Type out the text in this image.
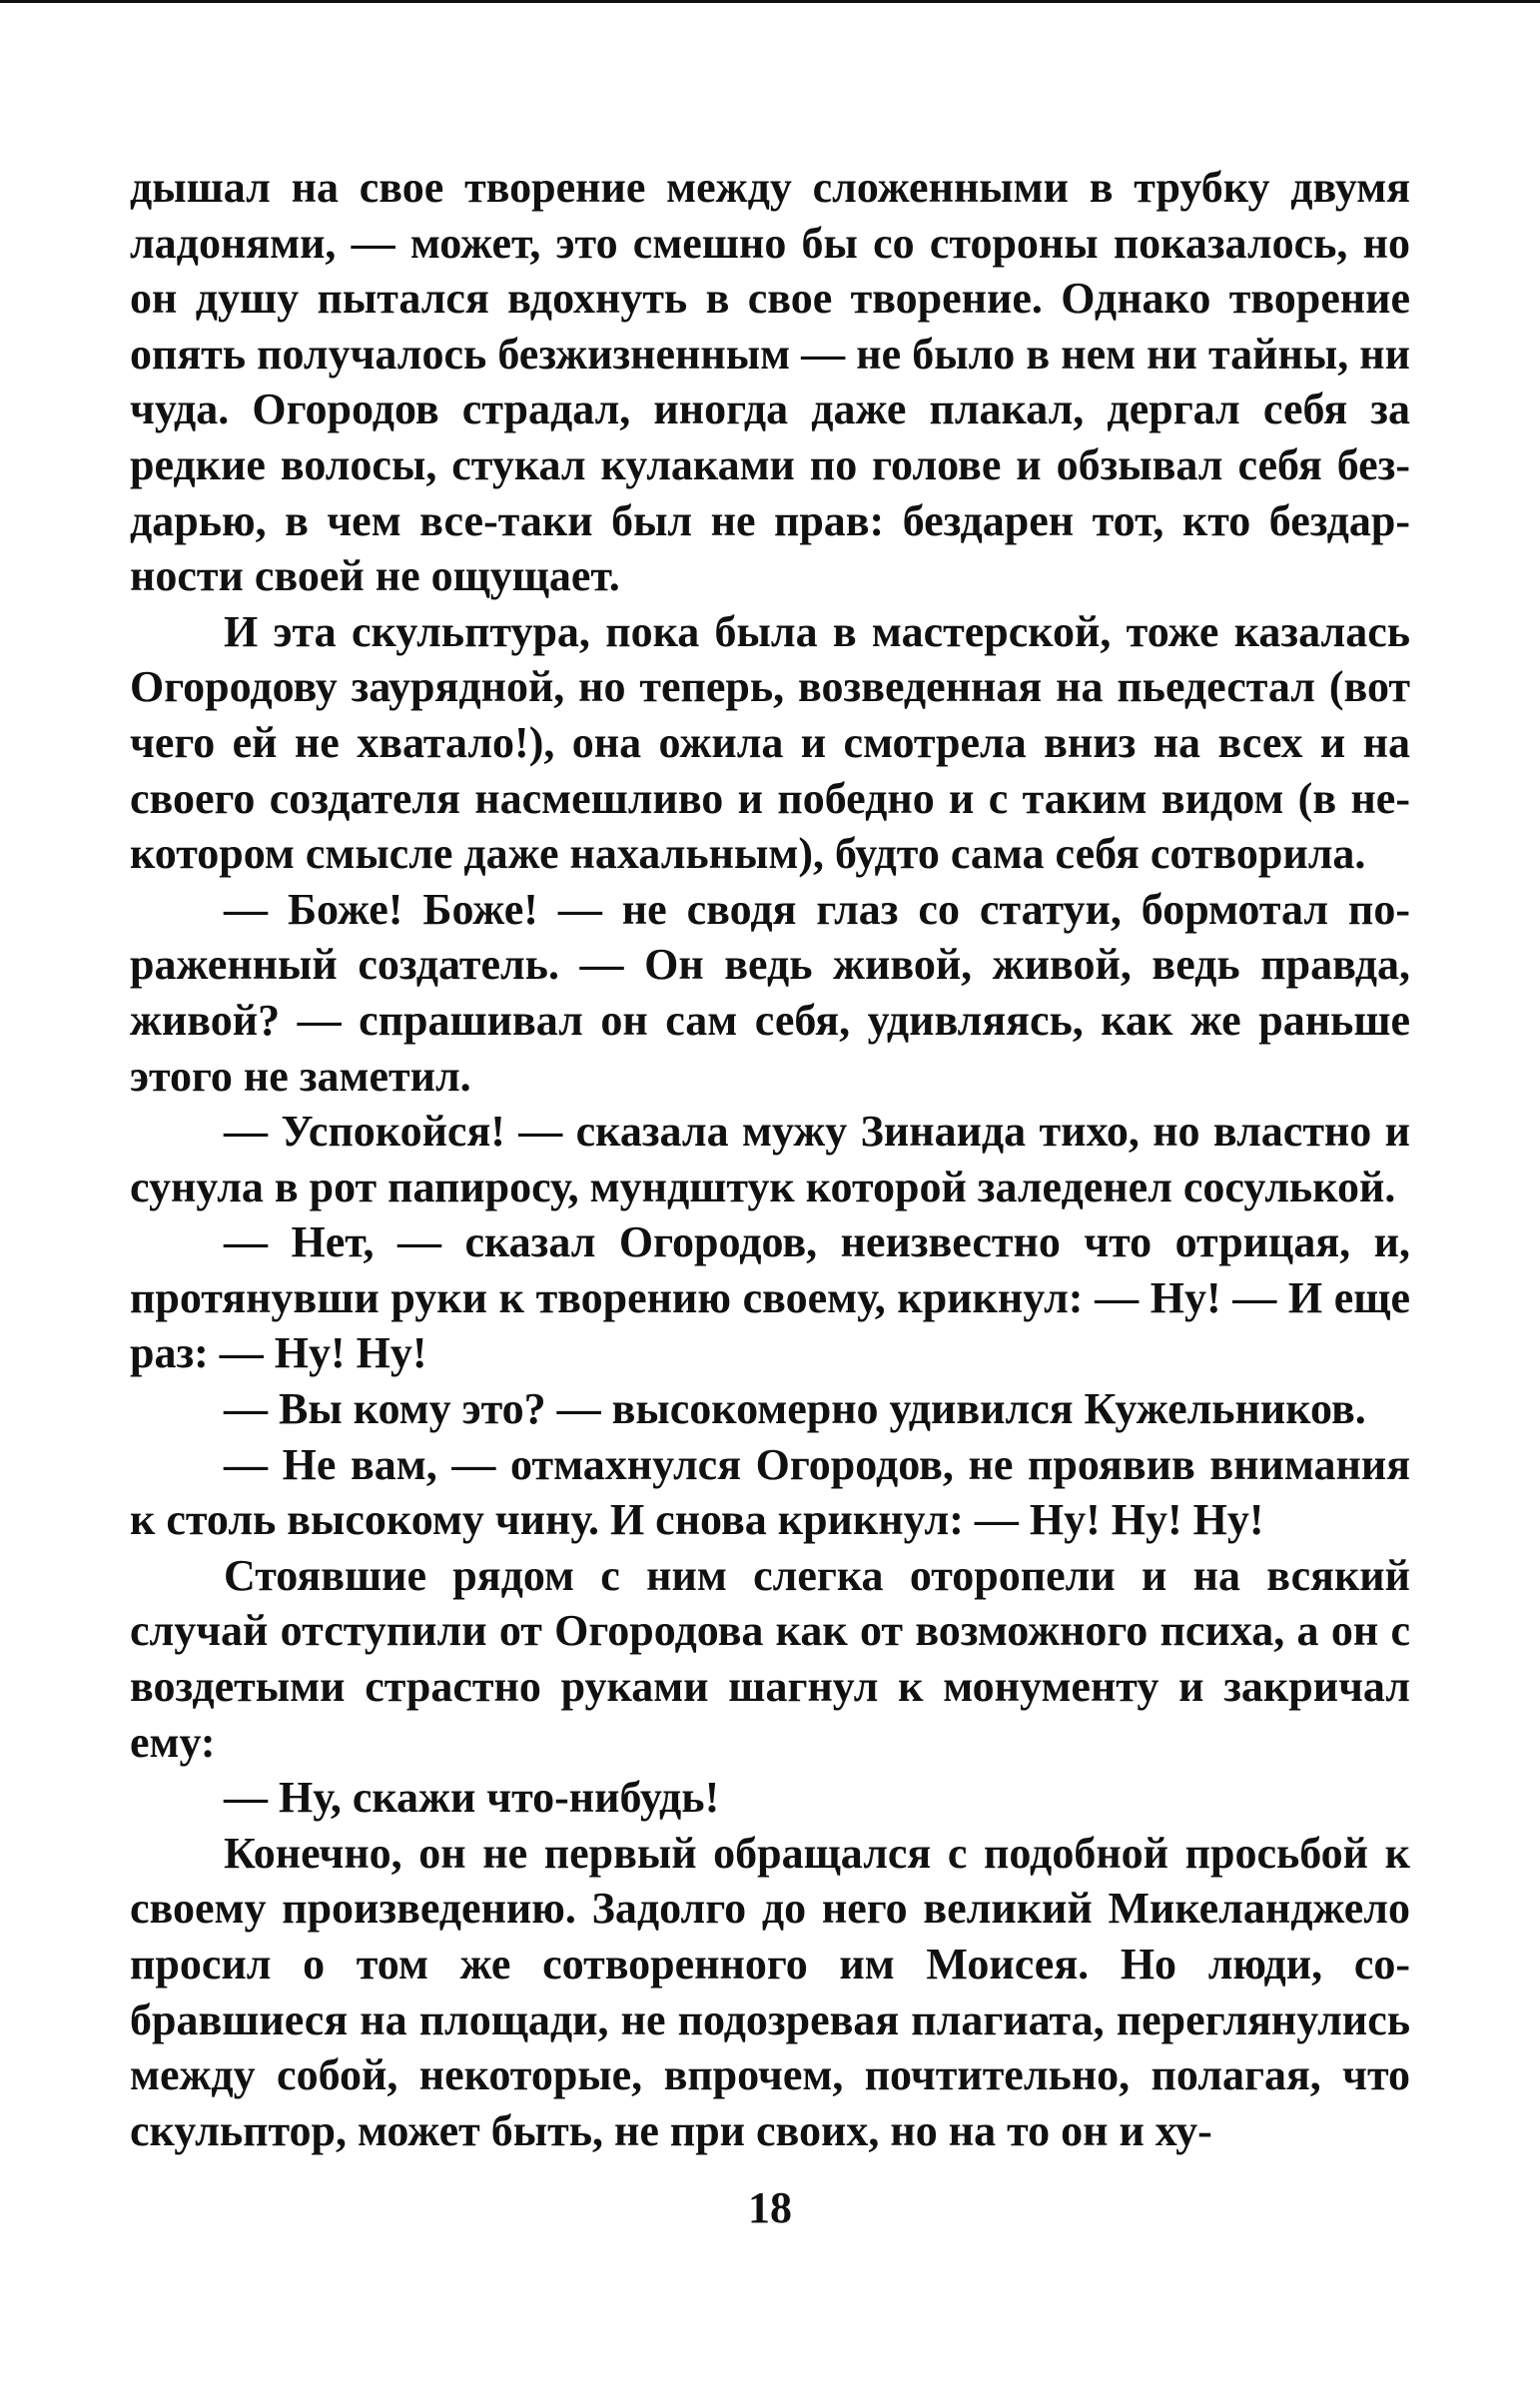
дышал на свое творение между сложенными в трубку двумя ладонями, — может, это смешно бы со стороны показалось, но он душу пытался вдохнуть в свое творение. Однако творение опять получалось безжизненным — не было в нем ни тайны, ни чуда. Огородов страдал, иногда даже плакал, дергал себя за редкие волосы, стукал кулаками по голове и обзывал себя бездарью, в чем все-таки был не прав: бездарен тот, кто бездарности своей не ощущает.

И эта скульптура, пока была в мастерской, тоже казалась Огородову заурядной, но теперь, возведенная на пьедестал (вот чего ей не хватало!), она ожила и смотрела вниз на всех и на своего создателя насмешливо и победно и с таким видом (в некотором смысле даже нахальным), будто сама себя сотворила.

— Боже! Боже! — не сводя глаз со статуи, бормотал пораженный создатель. — Он ведь живой, живой, ведь правда, живой? — спрашивал он сам себя, удивляясь, как же раньше этого не заметил.

— Успокойся! — сказала мужу Зинаида тихо, но властно и сунула в рот папиросу, мундштук которой заледенел сосулькой.

— Нет, — сказал Огородов, неизвестно что отрицая, и, протянувши руки к творению своему, крикнул: — Ну! — И еще раз: — Ну! Ну!

— Вы кому это? — высокомерно удивился Кужельников.

— Не вам, — отмахнулся Огородов, не проявив внимания к столь высокому чину. И снова крикнул: — Ну! Ну! Ну!

Стоявшие рядом с ним слегка оторопели и на всякий случай отступили от Огородова как от возможного психа, а он с воздетыми страстно руками шагнул к монументу и закричал ему:

— Ну, скажи что-нибудь!

Конечно, он не первый обращался с подобной просьбой к своему произведению. Задолго до него великий Микеланджело просил о том же сотворенного им Моисея. Но люди, собравшиеся на площади, не подозревая плагиата, переглянулись между собой, некоторые, впрочем, почтительно, полагая, что скульптор, может быть, не при своих, но на то он и ху-

18
